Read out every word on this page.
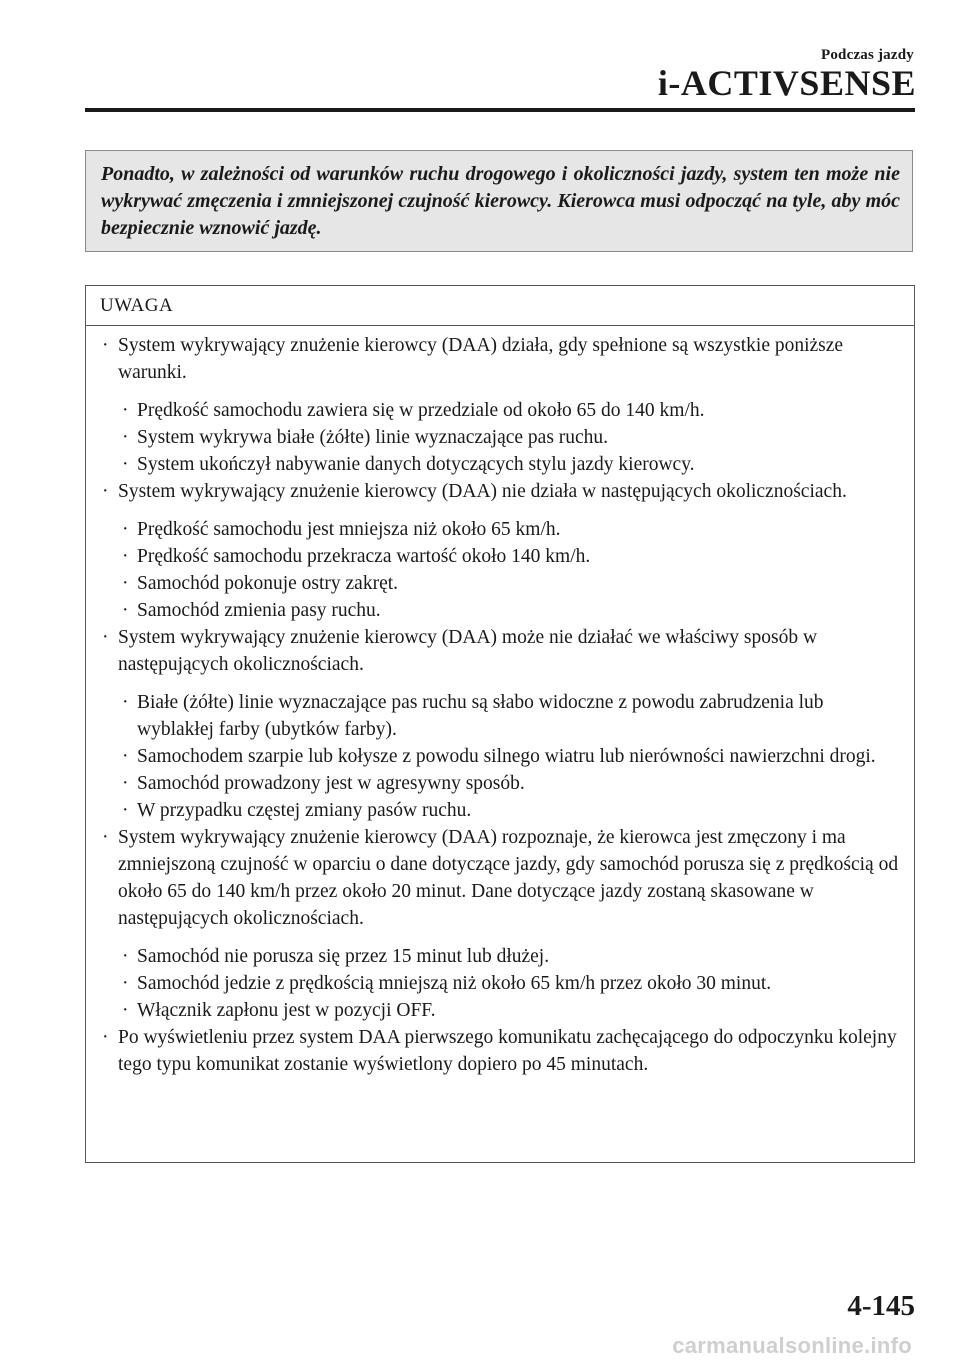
Podczas jazdy
i-ACTIVSENSE
Ponadto, w zależności od warunków ruchu drogowego i okoliczności jazdy, system ten może nie wykrywać zmęczenia i zmniejszonej czujność kierowcy. Kierowca musi odpocząć na tyle, aby móc bezpiecznie wznowić jazdę.
UWAGA
· System wykrywający znużenie kierowcy (DAA) działa, gdy spełnione są wszystkie poniższe warunki.
· Prędkość samochodu zawiera się w przedziale od około 65 do 140 km/h.
· System wykrywa białe (żółte) linie wyznaczające pas ruchu.
· System ukończył nabywanie danych dotyczących stylu jazdy kierowcy.
· System wykrywający znużenie kierowcy (DAA) nie działa w następujących okolicznościach.
· Prędkość samochodu jest mniejsza niż około 65 km/h.
· Prędkość samochodu przekracza wartość około 140 km/h.
· Samochód pokonuje ostry zakręt.
· Samochód zmienia pasy ruchu.
· System wykrywający znużenie kierowcy (DAA) może nie działać we właściwy sposób w następujących okolicznościach.
· Białe (żółte) linie wyznaczające pas ruchu są słabo widoczne z powodu zabrudzenia lub wyblakłej farby (ubytków farby).
· Samochodem szarpie lub kołysze z powodu silnego wiatru lub nierówności nawierzchni drogi.
· Samochód prowadzony jest w agresywny sposób.
· W przypadku częstej zmiany pasów ruchu.
· System wykrywający znużenie kierowcy (DAA) rozpoznaje, że kierowca jest zmęczony i ma zmniejszoną czujność w oparciu o dane dotyczące jazdy, gdy samochód porusza się z prędkością od około 65 do 140 km/h przez około 20 minut. Dane dotyczące jazdy zostaną skasowane w następujących okolicznościach.
· Samochód nie porusza się przez 15 minut lub dłużej.
· Samochód jedzie z prędkością mniejszą niż około 65 km/h przez około 30 minut.
· Włącznik zapłonu jest w pozycji OFF.
· Po wyświetleniu przez system DAA pierwszego komunikatu zachęcającego do odpoczynku kolejny tego typu komunikat zostanie wyświetlony dopiero po 45 minutach.
4-145
carmanualsonline.info
